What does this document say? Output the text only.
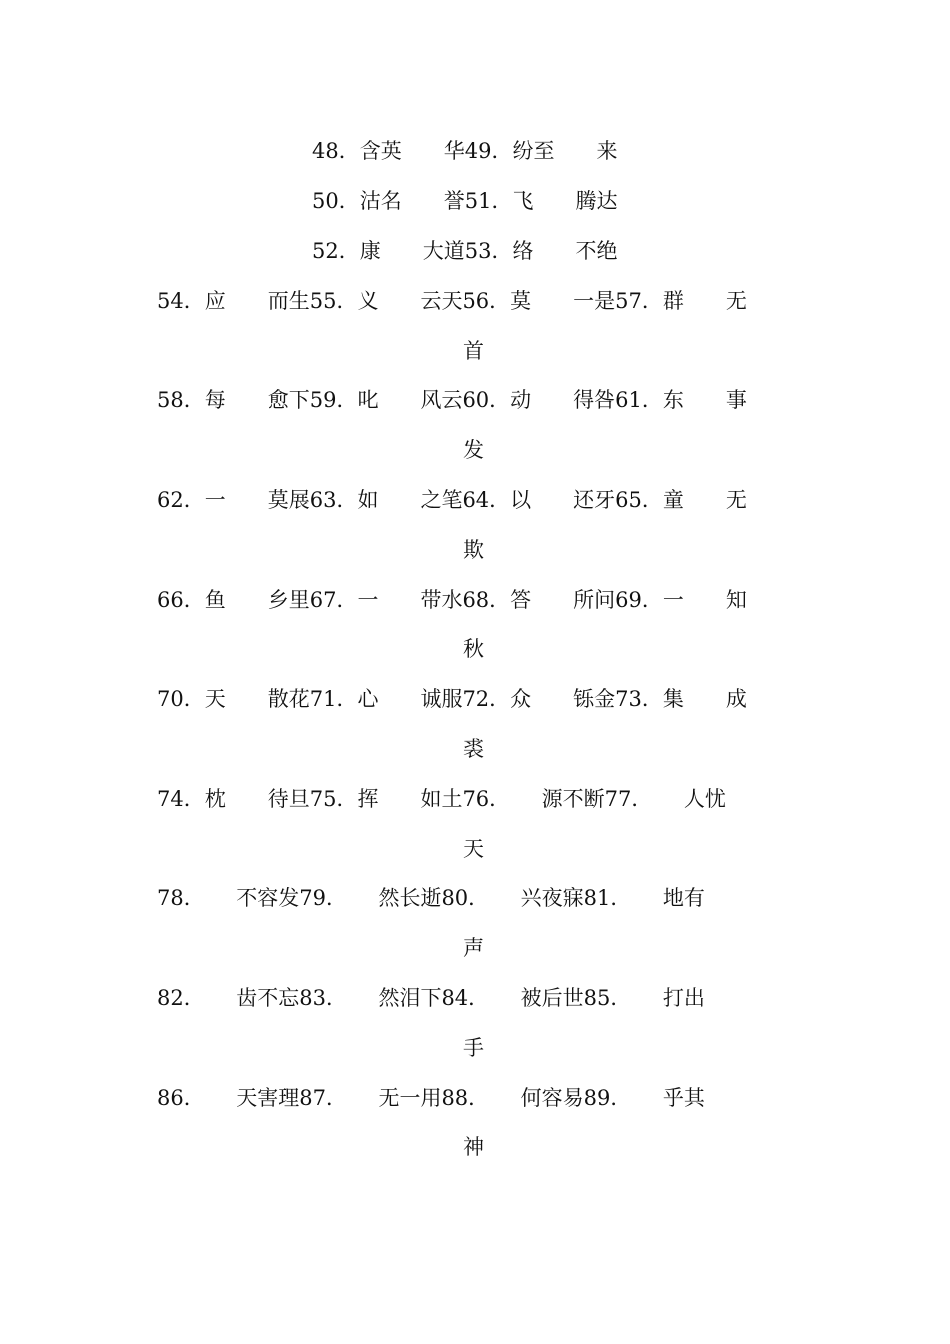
48．含英　　华49．纷至　　来
50．沽名　　誉51．飞　　腾达
52．康　　大道53．络　　不绝
54．应　　而生55．义　　云天56．莫　　一是57．群　　无
首
58．每　　愈下59．叱　　风云60．动　　得咎61．东　　事
发
62．一　　莫展63．如　　之笔64．以　　还牙65．童　　无
欺
66．鱼　　乡里67．一　　带水68．答　　所问69．一　　知
秋
70．天　　散花71．心　　诚服72．众　　铄金73．集　　成
裘
74．枕　　待旦75．挥　　如土76．　　源不断77．　　人忧
天
78．　　不容发79．　　然长逝80．　　兴夜寐81．　　地有
声
82．　　齿不忘83．　　然泪下84．　　被后世85．　　打出
手
86．　　天害理87．　　无一用88．　　何容易89．　　乎其
神
